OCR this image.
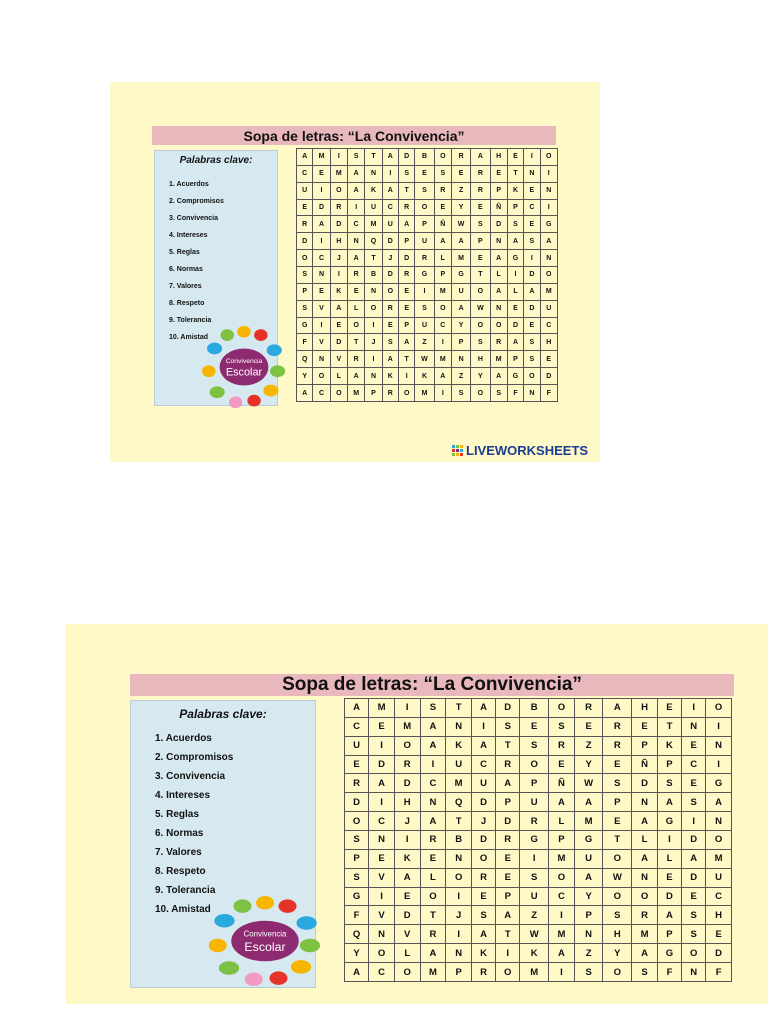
Sopa de letras: “La Convivencia”
Palabras clave:
1. Acuerdos
2. Compromisos
3. Convivencia
4. Intereses
5. Reglas
6. Normas
7. Valores
8. Respeto
9. Tolerancia
10. Amistad
Convivencia
Escolar
A	M	I	S	T	A	D	B	O	R	A	H	E	I	O
C	E	M	A	N	I	S	E	S	E	R	E	T	N	I
U	I	O	A	K	A	T	S	R	Z	R	P	K	E	N
E	D	R	I	U	C	R	O	E	Y	E	Ñ	P	C	I
R	A	D	C	M	U	A	P	Ñ	W	S	D	S	E	G
D	I	H	N	Q	D	P	U	A	A	P	N	A	S	A
O	C	J	A	T	J	D	R	L	M	E	A	G	I	N
S	N	I	R	B	D	R	G	P	G	T	L	I	D	O
P	E	K	E	N	O	E	I	M	U	O	A	L	A	M
S	V	A	L	O	R	E	S	O	A	W	N	E	D	U
G	I	E	O	I	E	P	U	C	Y	O	O	D	E	C
F	V	D	T	J	S	A	Z	I	P	S	R	A	S	H
Q	N	V	R	I	A	T	W	M	N	H	M	P	S	E
Y	O	L	A	N	K	I	K	A	Z	Y	A	G	O	D
A	C	O	M	P	R	O	M	I	S	O	S	F	N	F
LIVEWORKSHEETS
Sopa de letras: “La Convivencia”
Palabras clave:
1. Acuerdos
2. Compromisos
3. Convivencia
4. Intereses
5. Reglas
6. Normas
7. Valores
8. Respeto
9. Tolerancia
10. Amistad
Convivencia
Escolar
A	M	I	S	T	A	D	B	O	R	A	H	E	I	O
C	E	M	A	N	I	S	E	S	E	R	E	T	N	I
U	I	O	A	K	A	T	S	R	Z	R	P	K	E	N
E	D	R	I	U	C	R	O	E	Y	E	Ñ	P	C	I
R	A	D	C	M	U	A	P	Ñ	W	S	D	S	E	G
D	I	H	N	Q	D	P	U	A	A	P	N	A	S	A
O	C	J	A	T	J	D	R	L	M	E	A	G	I	N
S	N	I	R	B	D	R	G	P	G	T	L	I	D	O
P	E	K	E	N	O	E	I	M	U	O	A	L	A	M
S	V	A	L	O	R	E	S	O	A	W	N	E	D	U
G	I	E	O	I	E	P	U	C	Y	O	O	D	E	C
F	V	D	T	J	S	A	Z	I	P	S	R	A	S	H
Q	N	V	R	I	A	T	W	M	N	H	M	P	S	E
Y	O	L	A	N	K	I	K	A	Z	Y	A	G	O	D
A	C	O	M	P	R	O	M	I	S	O	S	F	N	F
